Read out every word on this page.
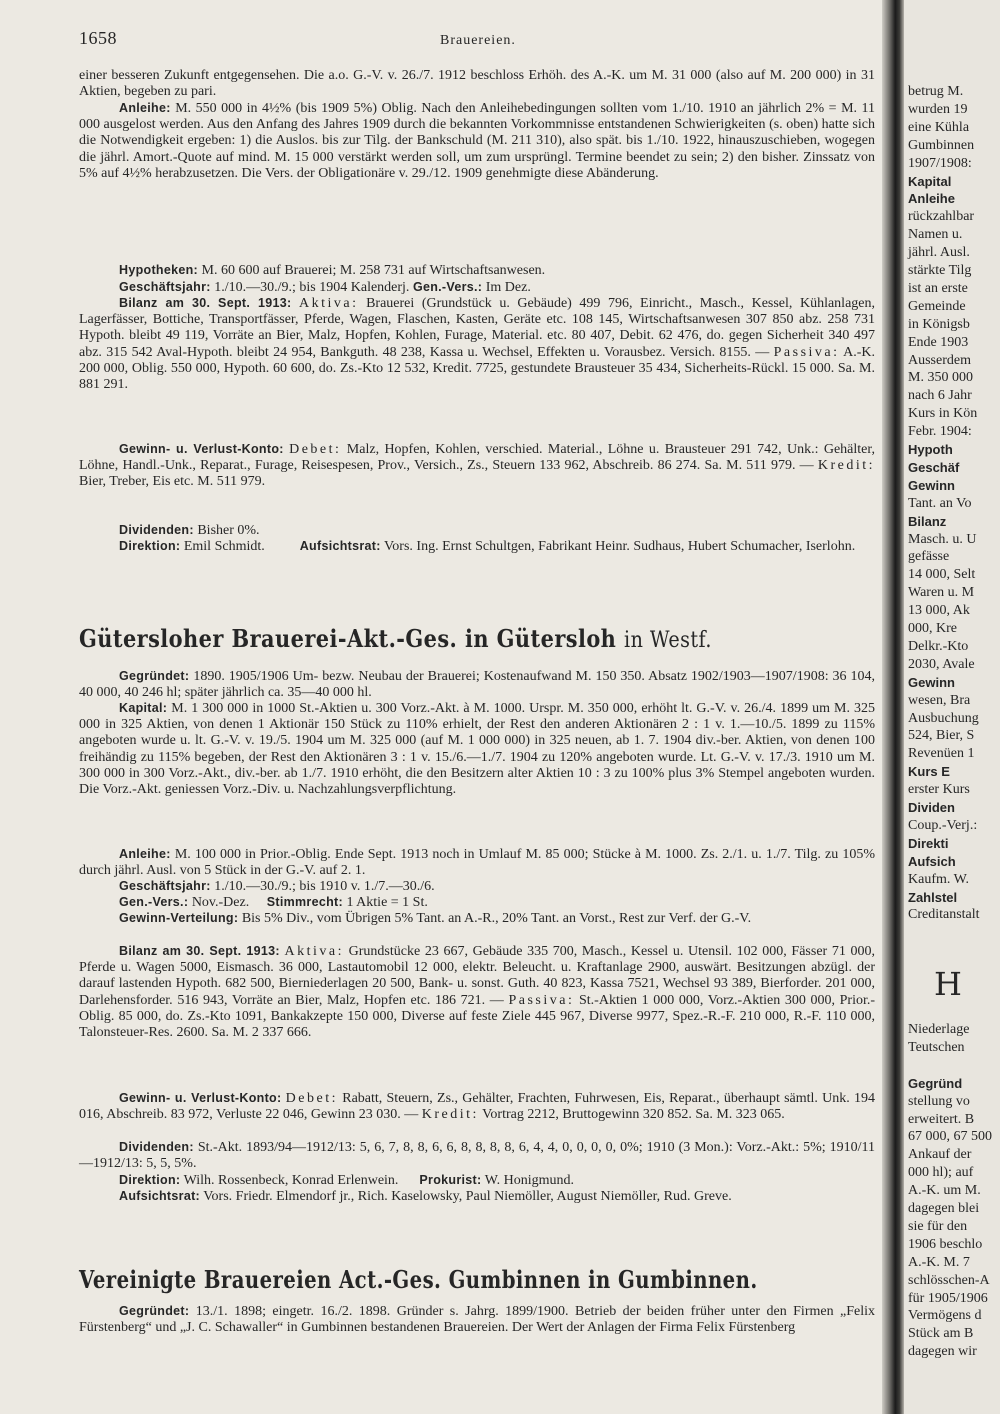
1658	Brauereien.
einer besseren Zukunft entgegensehen. Die a.o. G.-V. v. 26./7. 1912 beschloss Erhöh. des A.-K. um M. 31 000 (also auf M. 200 000) in 31 Aktien, begeben zu pari.
Anleihe: M. 550 000 in 4½% (bis 1909 5%) Oblig. Nach den Anleihebedingungen sollten vom 1./10. 1910 an jährlich 2% = M. 11 000 ausgelost werden. Aus den Anfang des Jahres 1909 durch die bekannten Vorkommnisse entstandenen Schwierigkeiten (s. oben) hatte sich die Notwendigkeit ergeben: 1) die Auslos. bis zur Tilg. der Bankschuld (M. 211 310), also spät. bis 1./10. 1922, hinauszuschieben, wogegen die jährl. Amort.-Quote auf mind. M. 15 000 verstärkt werden soll, um zum ursprüngl. Termine beendet zu sein; 2) den bisher. Zinssatz von 5% auf 4½% herabzusetzen. Die Vers. der Obligationäre v. 29./12. 1909 genehmigte diese Abänderung.
Hypotheken: M. 60 600 auf Brauerei; M. 258 731 auf Wirtschaftsanwesen.
Geschäftsjahr: 1./10.—30./9.; bis 1904 Kalenderj. Gen.-Vers.: Im Dez.
Bilanz am 30. Sept. 1913: Aktiva: Brauerei (Grundstück u. Gebäude) 499 796, Einricht., Masch., Kessel, Kühlanlagen, Lagerfässer, Bottiche, Transportfässer, Pferde, Wagen, Flaschen, Kasten, Geräte etc. 108 145, Wirtschaftsanwesen 307 850 abz. 258 731 Hypoth. bleibt 49 119, Vorräte an Bier, Malz, Hopfen, Kohlen, Furage, Material. etc. 80 407, Debit. 62 476, do. gegen Sicherheit 340 497 abz. 315 542 Aval-Hypoth. bleibt 24 954, Bankguth. 48 238, Kassa u. Wechsel, Effekten u. Vorausbez. Versich. 8155. — Passiva: A.-K. 200 000, Oblig. 550 000, Hypoth. 60 600, do. Zs.-Kto 12 532, Kredit. 7725, gestundete Brausteuer 35 434, Sicherheits-Rückl. 15 000. Sa. M. 881 291.
Gewinn- u. Verlust-Konto: Debet: Malz, Hopfen, Kohlen, verschied. Material., Löhne u. Brausteuer 291 742, Unk.: Gehälter, Löhne, Handl.-Unk., Reparat., Furage, Reisespesen, Prov., Versich., Zs., Steuern 133 962, Abschreib. 86 274. Sa. M. 511 979. — Kredit: Bier, Treber, Eis etc. M. 511 979.
Dividenden: Bisher 0%.
Direktion: Emil Schmidt.	Aufsichtsrat: Vors. Ing. Ernst Schultgen, Fabrikant Heinr. Sudhaus, Hubert Schumacher, Iserlohn.
Gütersloher Brauerei-Akt.-Ges. in Gütersloh in Westf.
Gegründet: 1890. 1905/1906 Um- bezw. Neubau der Brauerei; Kostenaufwand M. 150 350. Absatz 1902/1903—1907/1908: 36 104, 40 000, 40 246 hl; später jährlich ca. 35—40 000 hl.
Kapital: M. 1 300 000 in 1000 St.-Aktien u. 300 Vorz.-Akt. à M. 1000. Urspr. M. 350 000, erhöht lt. G.-V. v. 26./4. 1899 um M. 325 000 in 325 Aktien, von denen 1 Aktionär 150 Stück zu 110% erhielt, der Rest den anderen Aktionären 2 : 1 v. 1.—10./5. 1899 zu 115% angeboten wurde u. lt. G.-V. v. 19./5. 1904 um M. 325 000 (auf M. 1 000 000) in 325 neuen, ab 1. 7. 1904 div.-ber. Aktien, von denen 100 freihändig zu 115% begeben, der Rest den Aktionären 3 : 1 v. 15./6.—1./7. 1904 zu 120% angeboten wurde. Lt. G.-V. v. 17./3. 1910 um M. 300 000 in 300 Vorz.-Akt., div.-ber. ab 1./7. 1910 erhöht, die den Besitzern alter Aktien 10 : 3 zu 100% plus 3% Stempel angeboten wurden. Die Vorz.-Akt. geniessen Vorz.-Div. u. Nachzahlungsverpflichtung.
Anleihe: M. 100 000 in Prior.-Oblig. Ende Sept. 1913 noch in Umlauf M. 85 000; Stücke à M. 1000. Zs. 2./1. u. 1./7. Tilg. zu 105% durch jährl. Ausl. von 5 Stück in der G.-V. auf 2. 1.
Geschäftsjahr: 1./10.—30./9.; bis 1910 v. 1./7.—30./6.
Gen.-Vers.: Nov.-Dez. Stimmrecht: 1 Aktie = 1 St.
Gewinn-Verteilung: Bis 5% Div., vom Übrigen 5% Tant. an A.-R., 20% Tant. an Vorst., Rest zur Verf. der G.-V.
Bilanz am 30. Sept. 1913: Aktiva: Grundstücke 23 667, Gebäude 335 700, Masch., Kessel u. Utensil. 102 000, Fässer 71 000, Pferde u. Wagen 5000, Eismasch. 36 000, Lastautomobil 12 000, elektr. Beleucht. u. Kraftanlage 2900, auswärt. Besitzungen abzügl. der darauf lastenden Hypoth. 682 500, Bierniederlagen 20 500, Bank- u. sonst. Guth. 40 823, Kassa 7521, Wechsel 93 389, Bierforder. 201 000, Darlehensforder. 516 943, Vorräte an Bier, Malz, Hopfen etc. 186 721. — Passiva: St.-Aktien 1 000 000, Vorz.-Aktien 300 000, Prior.-Oblig. 85 000, do. Zs.-Kto 1091, Bankakzepte 150 000, Diverse auf feste Ziele 445 967, Diverse 9977, Spez.-R.-F. 210 000, R.-F. 110 000, Talonsteuer-Res. 2600. Sa. M. 2 337 666.
Gewinn- u. Verlust-Konto: Debet: Rabatt, Steuern, Zs., Gehälter, Frachten, Fuhrwesen, Eis, Reparat., überhaupt sämtl. Unk. 194 016, Abschreib. 83 972, Verluste 22 046, Gewinn 23 030. — Kredit: Vortrag 2212, Bruttogewinn 320 852. Sa. M. 323 065.
Dividenden: St.-Akt. 1893/94—1912/13: 5, 6, 7, 8, 8, 6, 6, 8, 8, 8, 8, 6, 4, 4, 0, 0, 0, 0, 0%; 1910 (3 Mon.): Vorz.-Akt.: 5%; 1910/11—1912/13: 5, 5, 5%.
Direktion: Wilh. Rossenbeck, Konrad Erlenwein. Prokurist: W. Honigmund.
Aufsichtsrat: Vors. Friedr. Elmendorf jr., Rich. Kaselowsky, Paul Niemöller, August Niemöller, Rud. Greve.
Vereinigte Brauereien Act.-Ges. Gumbinnen in Gumbinnen.
Gegründet: 13./1. 1898; eingetr. 16./2. 1898. Gründer s. Jahrg. 1899/1900. Betrieb der beiden früher unter den Firmen „Felix Fürstenberg“ und „J. C. Schawaller“ in Gumbinnen bestandenen Brauereien. Der Wert der Anlagen der Firma Felix Fürstenberg
betrug M.
wurden 19
eine Kühla
Gumbinnen
1907/1908:
Kapital
Anleihe
rückzahlbar
Namen u.
jährl. Ausl.
stärkte Tilg
ist an erste
Gemeinde
in Königsb
Ende 1903
Ausserdem
M. 350 000
nach 6 Jahr
Kurs in Kön
Febr. 1904:
Hypoth
Geschäf
Gewinn
Tant. an Vo
Bilanz
Masch. u. U
gefässe
14 000, Selt
Waren u. M
13 000, Ak
000, Kre
Delkr.-Kto
2030, Avale
Gewinn
wesen, Bra
Ausbuchung
524, Bier, S
Revenüen 1
Kurs E
erster Kurs
Dividen
Coup.-Verj.:
Direkti
Aufsich
Kaufm. W.
Zahlstel
Creditanstalt
H
Niederlage
Teutschen
Gegründ
stellung vo
erweitert. B
67 000, 67 500
Ankauf der
000 hl); auf
A.-K. um M.
dagegen blei
sie für den
1906 beschlo
A.-K. M. 7
schlösschen-A
für 1905/1906
Vermögens d
Stück am B
dagegen wir
